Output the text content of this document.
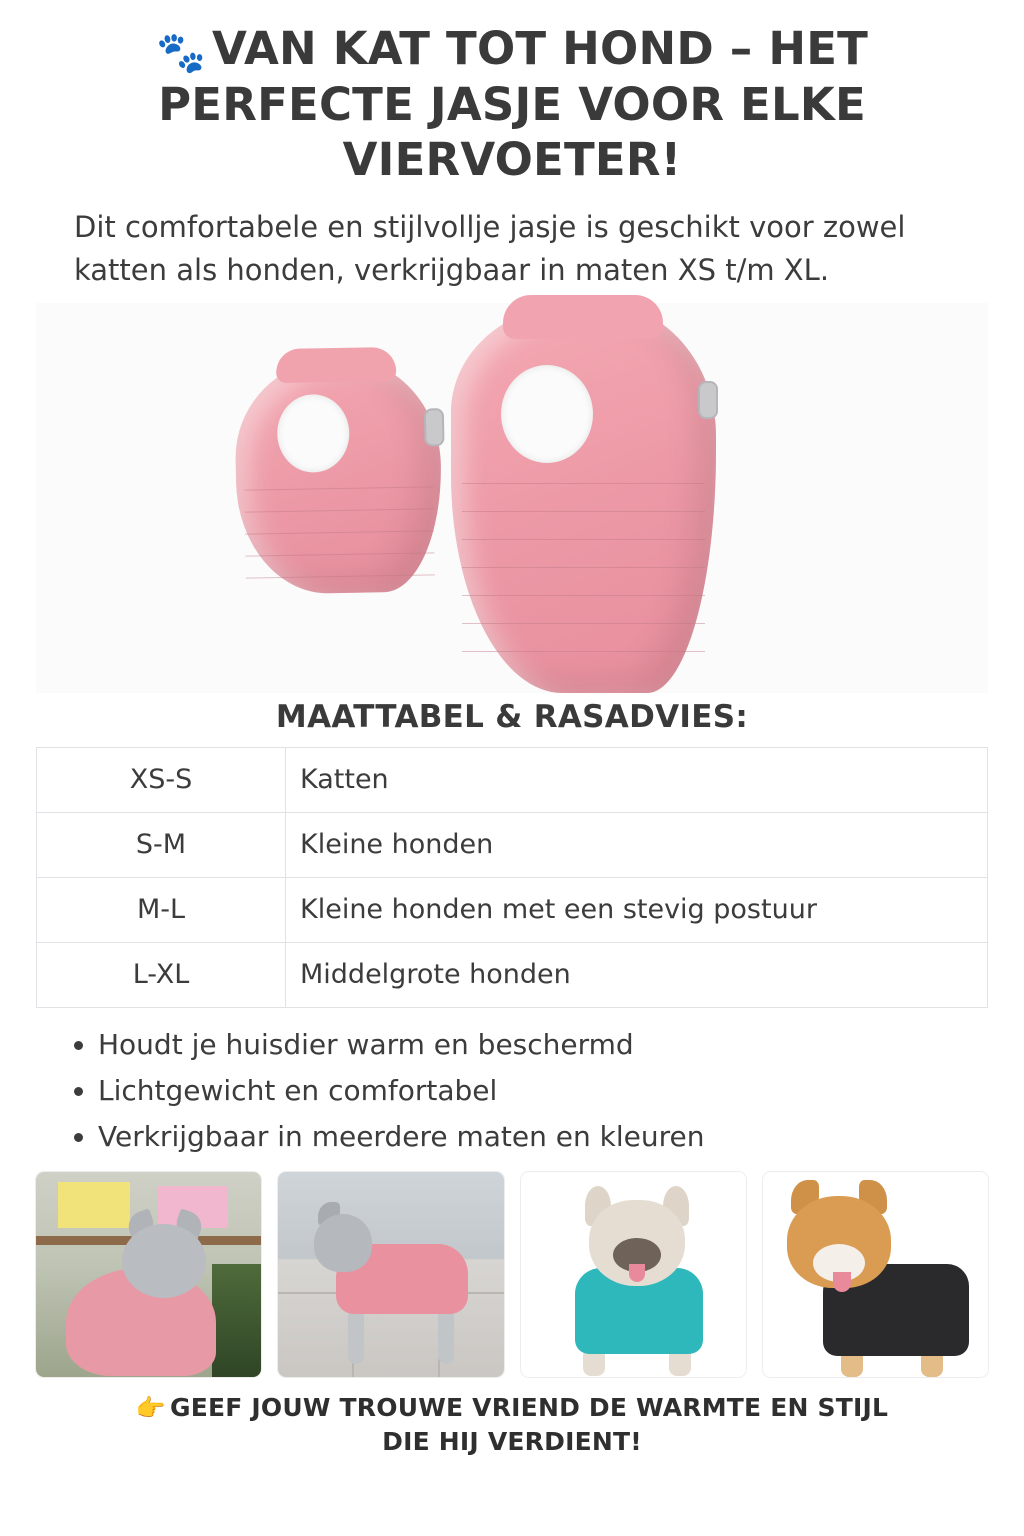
🐾 VAN KAT TOT HOND – HET PERFECTE JASJE VOOR ELKE VIERVOETER!

Dit comfortabele en stijlvollje jasje is geschikt voor zowel katten als honden, verkrijgbaar in maten XS t/m XL.

MAATTABEL & RASADVIES:
XS-S	Katten
S-M	Kleine honden
M-L	Kleine honden met een stevig postuur
L-XL	Middelgrote honden
• Houdt je huisdier warm en beschermd
• Lichtgewicht en comfortabel
• Verkrijgbaar in meerdere maten en kleuren
👉 GEEF JOUW TROUWE VRIEND DE WARMTE EN STIJL
DIE HIJ VERDIENT!
